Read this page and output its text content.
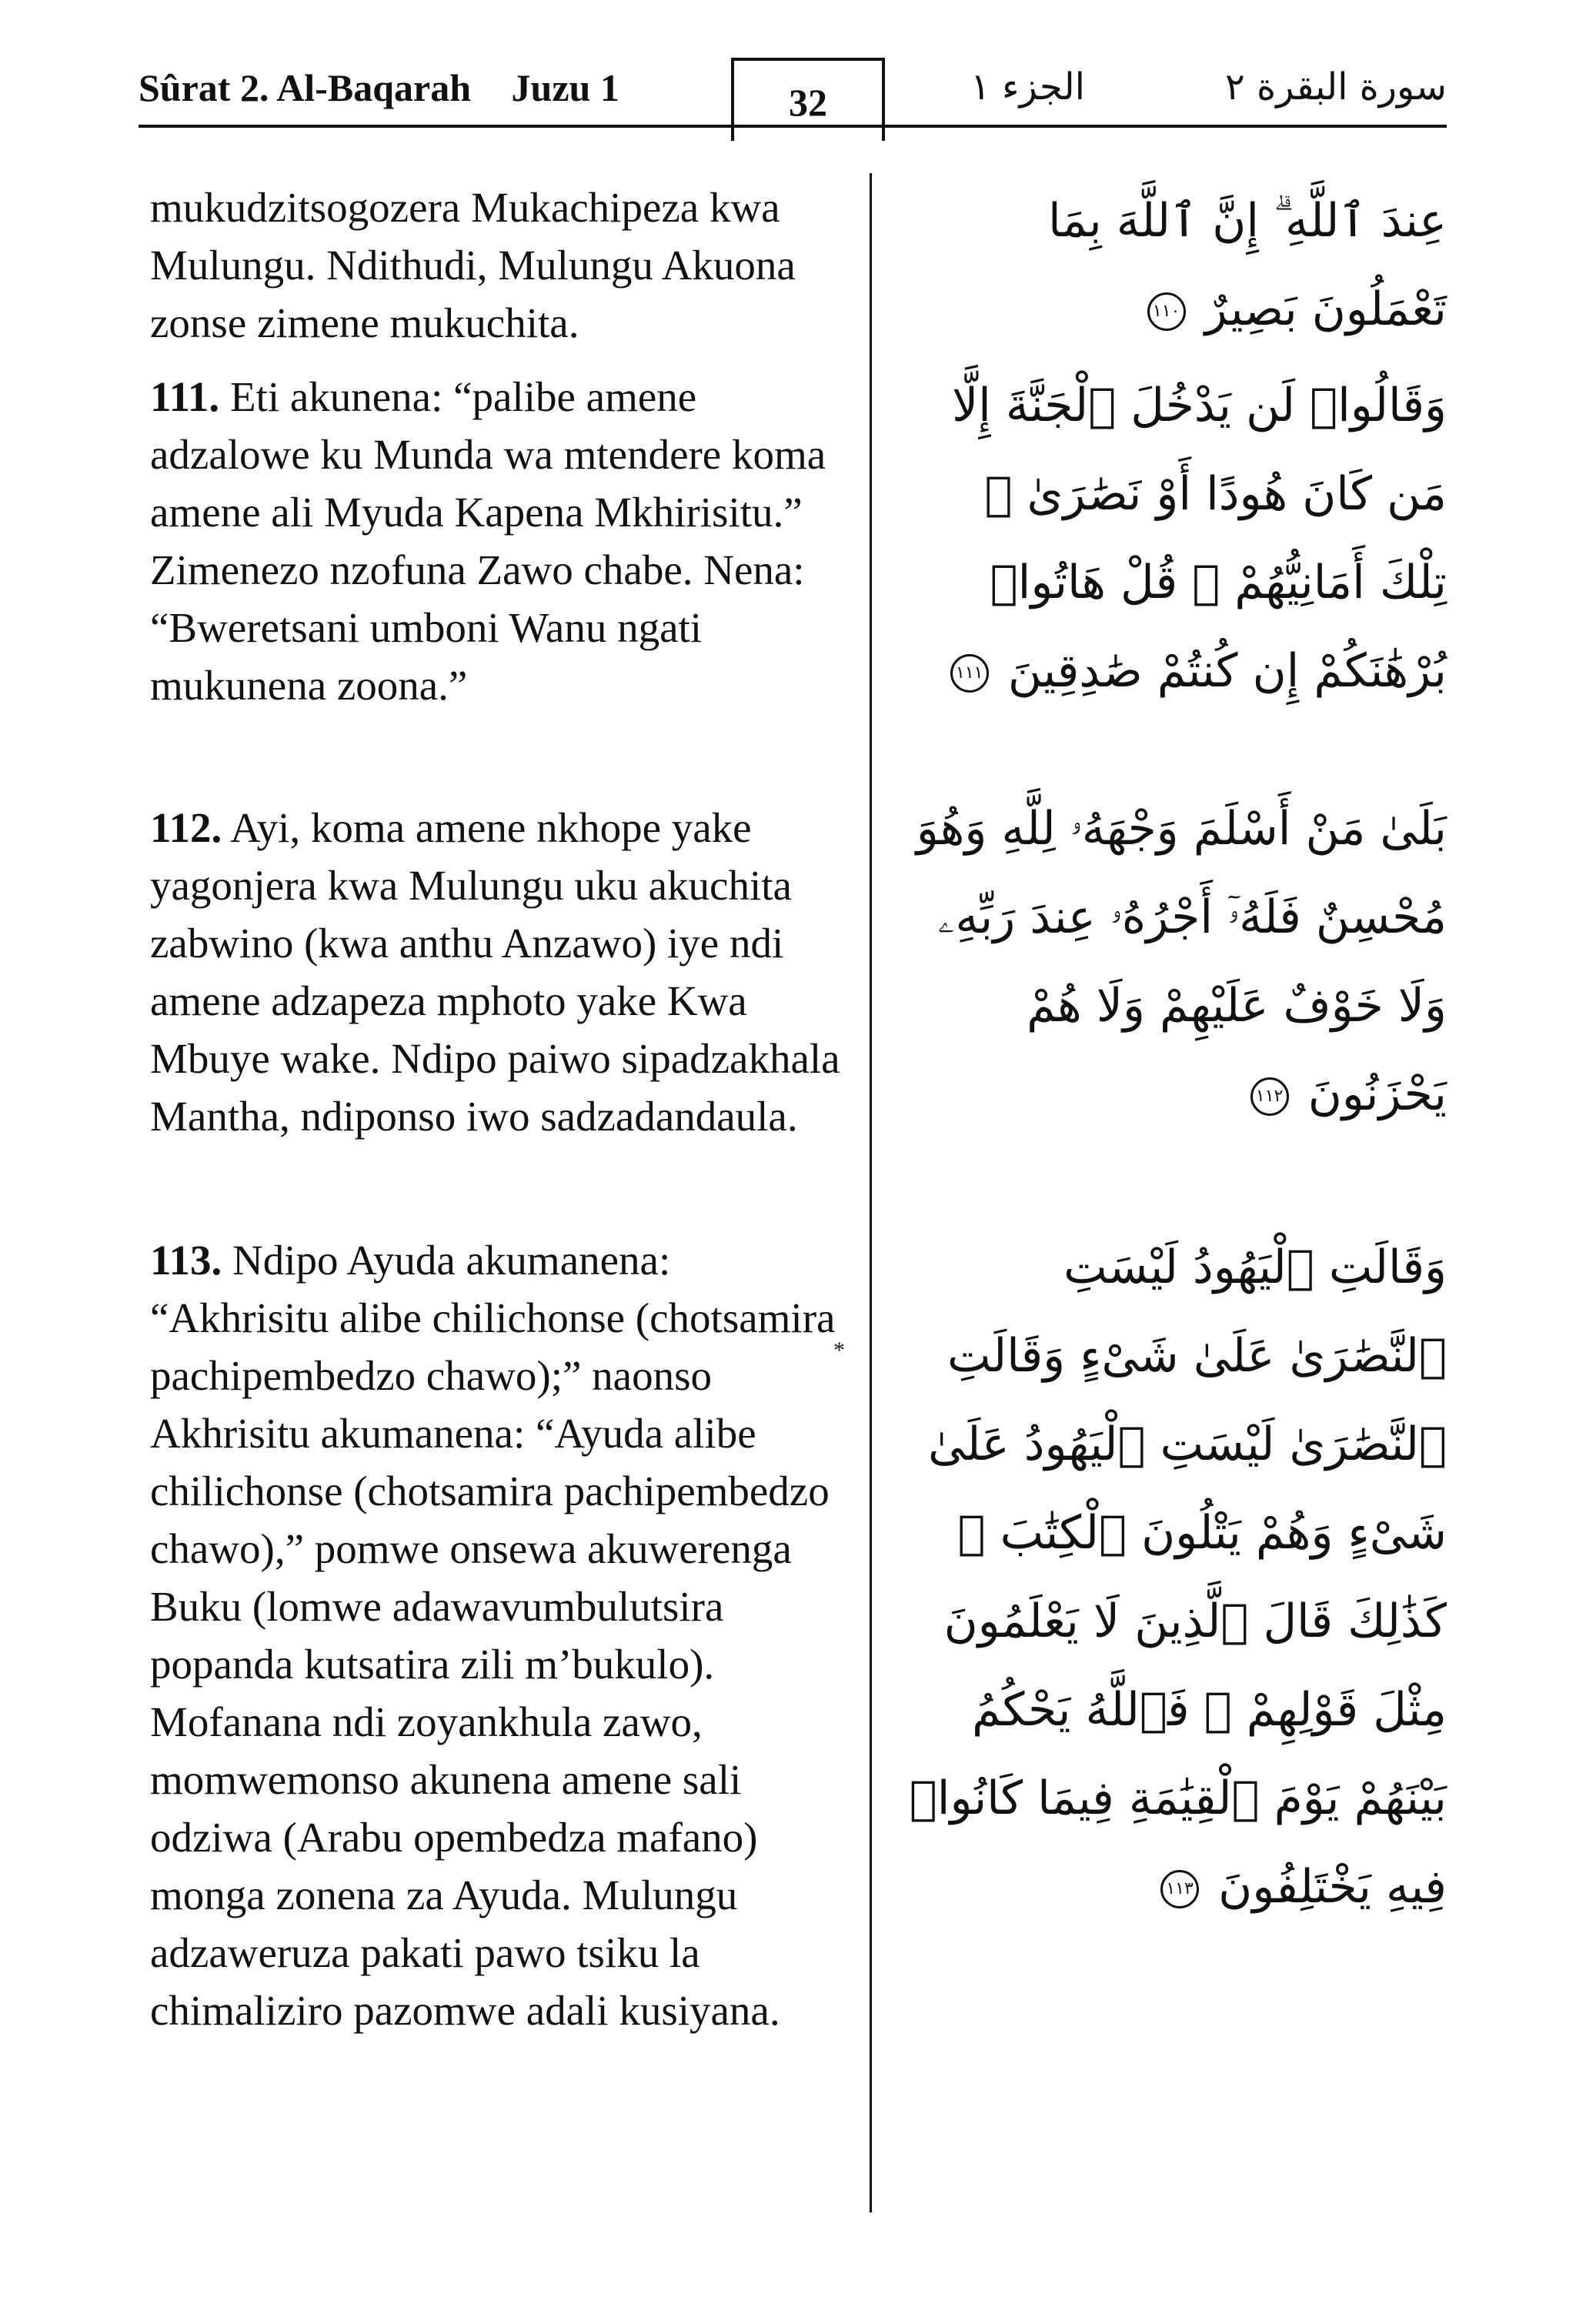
Sûrat 2. Al-Baqarah Juzu 1	32	سورة البقرة ٢
الجزء ١
mukudzitsogozera Mukachipeza kwa Mulungu. Ndithudi, Mulungu Akuona zonse zimene mukuchita.
111. Eti akunena: “palibe amene adzalowe ku Munda wa mtendere koma amene ali Myuda Kapena Mkhirisitu.” Zimenezo nzofuna Zawo chabe. Nena: “Bweretsani umboni Wanu ngati mukunena zoona.”
112. Ayi, koma amene nkhope yake yagonjera kwa Mulungu uku akuchita zabwino (kwa anthu Anzawo) iye ndi amene adzapeza mphoto yake Kwa Mbuye wake. Ndipo paiwo sipadzakhala Mantha, ndiponso iwo sadzadandaula.
113. Ndipo Ayuda akumanena: “Akhrisitu alibe chilichonse (chotsamira pachipembedzo chawo);” naonso Akhrisitu akumanena: “Ayuda alibe chilichonse (chotsamira pachipembedzo chawo),” pomwe onsewa akuwerenga Buku (lomwe adawavumbulutsira popanda kutsatira zili m’bukulo). Mofanana ndi zoyankhula zawo, momwemonso akunena amene sali odziwa (Arabu opembedza mafano) monga zonena za Ayuda. Mulungu adzaweruza pakati pawo tsiku la chimaliziro pazomwe adali kusiyana.
*
عِندَ ٱللَّهِ ۗ إِنَّ ٱللَّهَ بِمَا تَعْمَلُونَ بَصِيرٌ ١١٠
وَقَالُوا۟ لَن يَدْخُلَ ٱلْجَنَّةَ إِلَّا مَن كَانَ هُودًا أَوْ نَصَٰرَىٰ ۗ تِلْكَ أَمَانِيُّهُمْ ۗ قُلْ هَاتُوا۟ بُرْهَٰنَكُمْ إِن كُنتُمْ صَٰدِقِينَ ١١١
بَلَىٰ مَنْ أَسْلَمَ وَجْهَهُۥ لِلَّهِ وَهُوَ مُحْسِنٌ فَلَهُۥٓ أَجْرُهُۥ عِندَ رَبِّهِۦ وَلَا خَوْفٌ عَلَيْهِمْ وَلَا هُمْ يَحْزَنُونَ ١١٢
وَقَالَتِ ٱلْيَهُودُ لَيْسَتِ ٱلنَّصَٰرَىٰ عَلَىٰ شَىْءٍ وَقَالَتِ ٱلنَّصَٰرَىٰ لَيْسَتِ ٱلْيَهُودُ عَلَىٰ شَىْءٍ وَهُمْ يَتْلُونَ ٱلْكِتَٰبَ ۗ كَذَٰلِكَ قَالَ ٱلَّذِينَ لَا يَعْلَمُونَ مِثْلَ قَوْلِهِمْ ۚ فَٱللَّهُ يَحْكُمُ بَيْنَهُمْ يَوْمَ ٱلْقِيَٰمَةِ فِيمَا كَانُوا۟ فِيهِ يَخْتَلِفُونَ ١١٣
